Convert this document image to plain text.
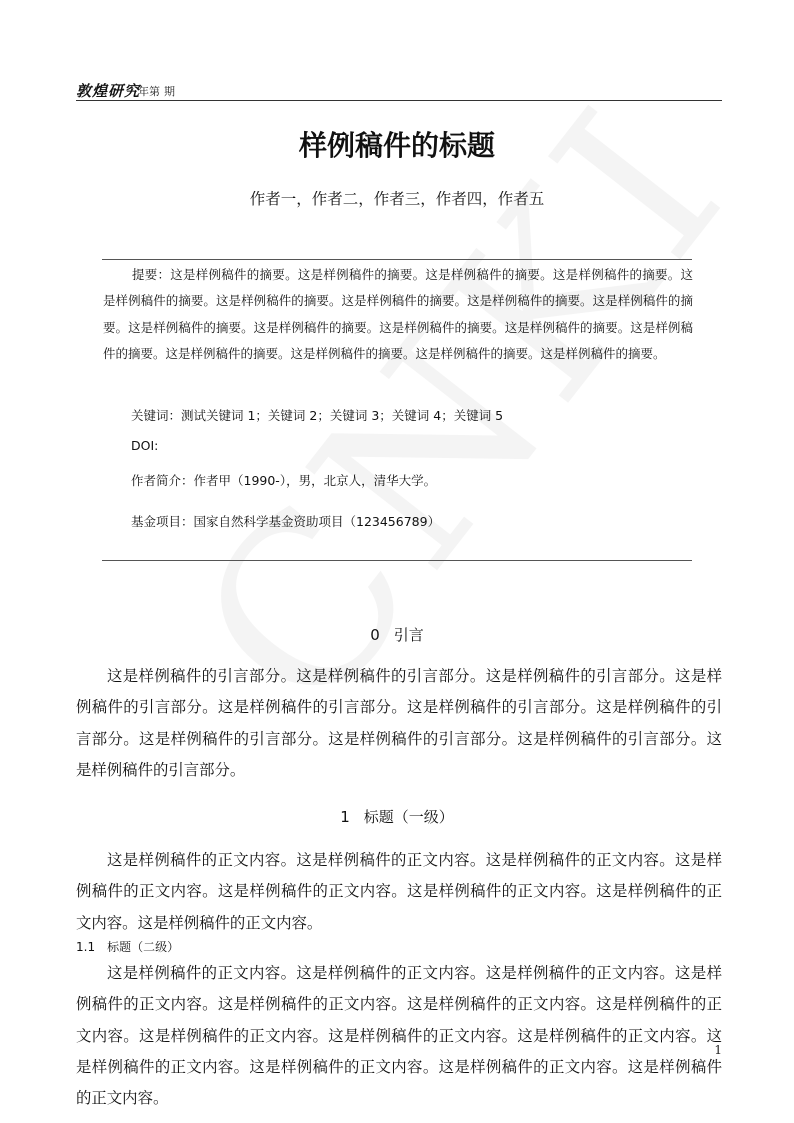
敦煌研究
年第 期
样例稿件的标题
作者一，作者二，作者三，作者四，作者五

提要：这是样例稿件的摘要。这是样例稿件的摘要。这是样例稿件的摘要。这是样例稿件的摘要。这是样例稿件的摘要。这是样例稿件的摘要。这是样例稿件的摘要。这是样例稿件的摘要。这是样例稿件的摘要。这是样例稿件的摘要。这是样例稿件的摘要。这是样例稿件的摘要。这是样例稿件的摘要。这是样例稿件的摘要。这是样例稿件的摘要。这是样例稿件的摘要。这是样例稿件的摘要。这是样例稿件的摘要。

关键词：测试关键词 1；关键词 2；关键词 3；关键词 4；关键词 5
DOI:
作者简介：作者甲（1990-），男，北京人，清华大学。
基金项目：国家自然科学基金资助项目（123456789）
0 引言

这是样例稿件的引言部分。这是样例稿件的引言部分。这是样例稿件的引言部分。这是样例稿件的引言部分。这是样例稿件的引言部分。这是样例稿件的引言部分。这是样例稿件的引言部分。这是样例稿件的引言部分。这是样例稿件的引言部分。这是样例稿件的引言部分。这是样例稿件的引言部分。

1 标题（一级）

这是样例稿件的正文内容。这是样例稿件的正文内容。这是样例稿件的正文内容。这是样例稿件的正文内容。这是样例稿件的正文内容。这是样例稿件的正文内容。这是样例稿件的正文内容。这是样例稿件的正文内容。

1.1 标题（二级）

这是样例稿件的正文内容。这是样例稿件的正文内容。这是样例稿件的正文内容。这是样例稿件的正文内容。这是样例稿件的正文内容。这是样例稿件的正文内容。这是样例稿件的正文内容。这是样例稿件的正文内容。这是样例稿件的正文内容。这是样例稿件的正文内容。这是样例稿件的正文内容。这是样例稿件的正文内容。这是样例稿件的正文内容。这是样例稿件的正文内容。

1
